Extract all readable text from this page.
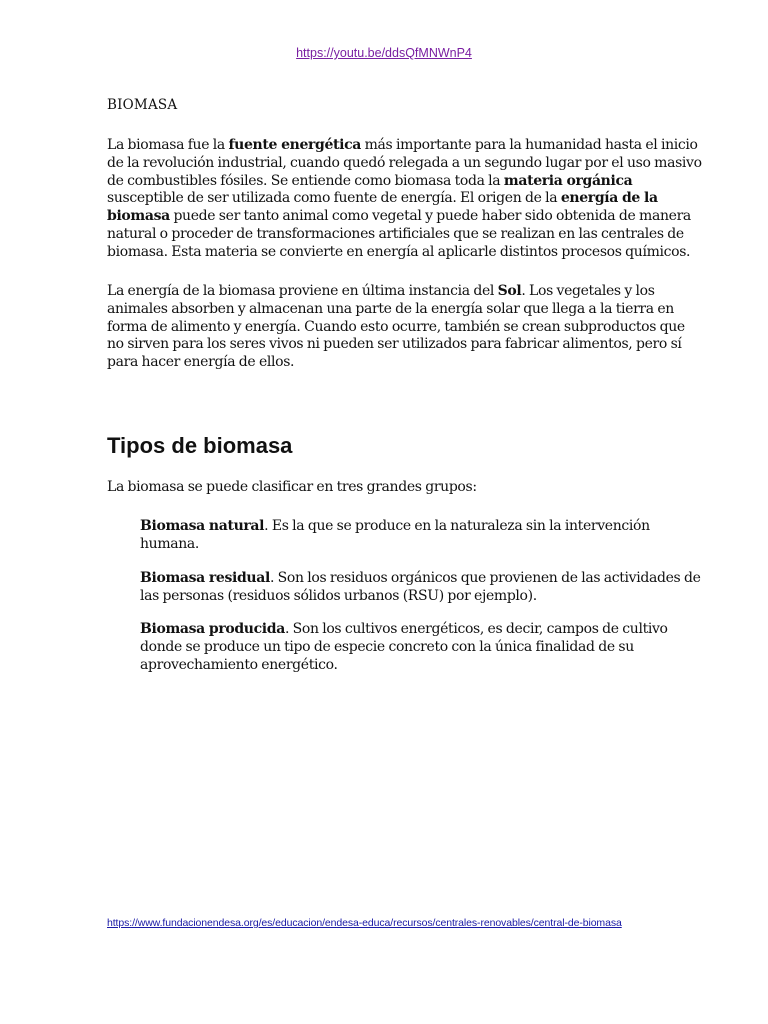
https://youtu.be/ddsQfMNWnP4
BIOMASA
La biomasa fue la fuente energética más importante para la humanidad hasta el inicio de la revolución industrial, cuando quedó relegada a un segundo lugar por el uso masivo de combustibles fósiles. Se entiende como biomasa toda la materia orgánica susceptible de ser utilizada como fuente de energía. El origen de la energía de la biomasa puede ser tanto animal como vegetal y puede haber sido obtenida de manera natural o proceder de transformaciones artificiales que se realizan en las centrales de biomasa. Esta materia se convierte en energía al aplicarle distintos procesos químicos.
La energía de la biomasa proviene en última instancia del Sol. Los vegetales y los animales absorben y almacenan una parte de la energía solar que llega a la tierra en forma de alimento y energía. Cuando esto ocurre, también se crean subproductos que no sirven para los seres vivos ni pueden ser utilizados para fabricar alimentos, pero sí para hacer energía de ellos.
Tipos de biomasa
La biomasa se puede clasificar en tres grandes grupos:
Biomasa natural. Es la que se produce en la naturaleza sin la intervención humana.
Biomasa residual. Son los residuos orgánicos que provienen de las actividades de las personas (residuos sólidos urbanos (RSU) por ejemplo).
Biomasa producida. Son los cultivos energéticos, es decir, campos de cultivo donde se produce un tipo de especie concreto con la única finalidad de su aprovechamiento energético.
https://www.fundacionendesa.org/es/educacion/endesa-educa/recursos/centrales-renovables/central-de-biomasa
